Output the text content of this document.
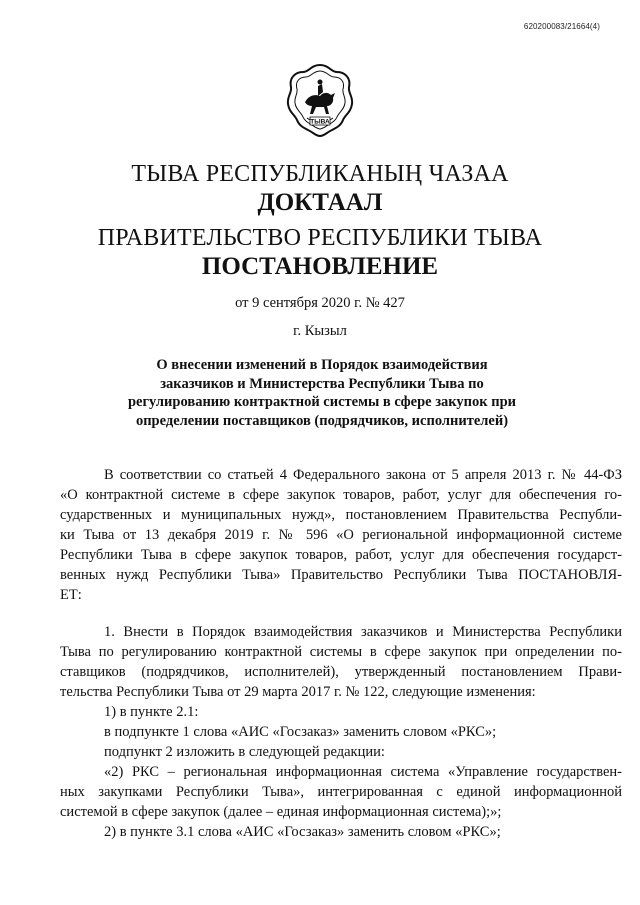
620200083/21664(4)
ТЫВА

ТЫВА РЕСПУБЛИКАНЫҢ ЧАЗАА

ДОКТААЛ

ПРАВИТЕЛЬСТВО РЕСПУБЛИКИ ТЫВА

ПОСТАНОВЛЕНИЕ

от 9 сентября 2020 г. № 427
г. Кызыл
О внесении изменений в Порядок взаимодействия
заказчиков и Министерства Республики Тыва по
регулированию контрактной системы в сфере закупок при
определении поставщиков (подрядчиков, исполнителей)
В соответствии со статьей 4 Федерального закона от 5 апреля 2013 г. № 44-ФЗ
«О контрактной системе в сфере закупок товаров, работ, услуг для обеспечения го-
сударственных и муниципальных нужд», постановлением Правительства Республи-
ки Тыва от 13 декабря 2019 г. № 596 «О региональной информационной системе
Республики Тыва в сфере закупок товаров, работ, услуг для обеспечения государст-
венных нужд Республики Тыва» Правительство Республики Тыва ПОСТАНОВЛЯ-
ЕТ:
1. Внести в Порядок взаимодействия заказчиков и Министерства Республики
Тыва по регулированию контрактной системы в сфере закупок при определении по-
ставщиков (подрядчиков, исполнителей), утвержденный постановлением Прави-
тельства Республики Тыва от 29 марта 2017 г. № 122, следующие изменения:
1) в пункте 2.1:
в подпункте 1 слова «АИС «Госзаказ» заменить словом «РКС»;
подпункт 2 изложить в следующей редакции:
«2) РКС – региональная информационная система «Управление государствен-
ных закупками Республики Тыва», интегрированная с единой информационной
системой в сфере закупок (далее – единая информационная система);»;
2) в пункте 3.1 слова «АИС «Госзаказ» заменить словом «РКС»;
